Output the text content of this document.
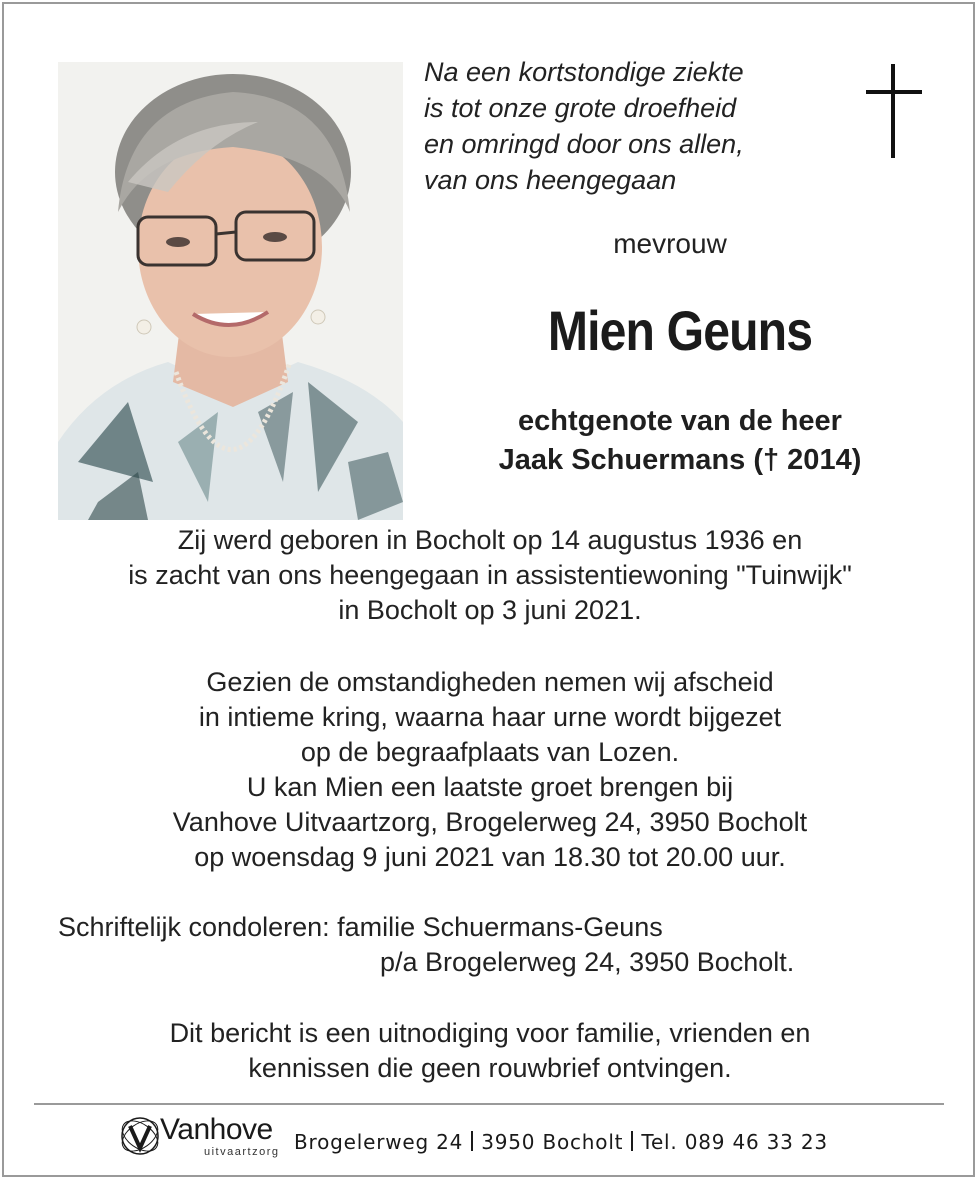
Na een kortstondige ziekte
is tot onze grote droefheid
en omringd door ons allen,
van ons heengegaan
mevrouw
Mien Geuns
echtgenote van de heer
Jaak Schuermans († 2014)
Zij werd geboren in Bocholt op 14 augustus 1936 en
is zacht van ons heengegaan in assistentiewoning "Tuinwijk"
in Bocholt op 3 juni 2021.
Gezien de omstandigheden nemen wij afscheid
in intieme kring, waarna haar urne wordt bijgezet
op de begraafplaats van Lozen.
U kan Mien een laatste groet brengen bij
Vanhove Uitvaartzorg, Brogelerweg 24, 3950 Bocholt
op woensdag 9 juni 2021 van 18.30 tot 20.00 uur.
Schriftelijk condoleren: familie Schuermans-Geuns
p/a Brogelerweg 24, 3950 Bocholt.
Dit bericht is een uitnodiging voor familie, vrienden en
kennissen die geen rouwbrief ontvingen.
Vanhove
uitvaartzorg Brogelerweg 24 3950 Bocholt Tel. 089 46 33 23
